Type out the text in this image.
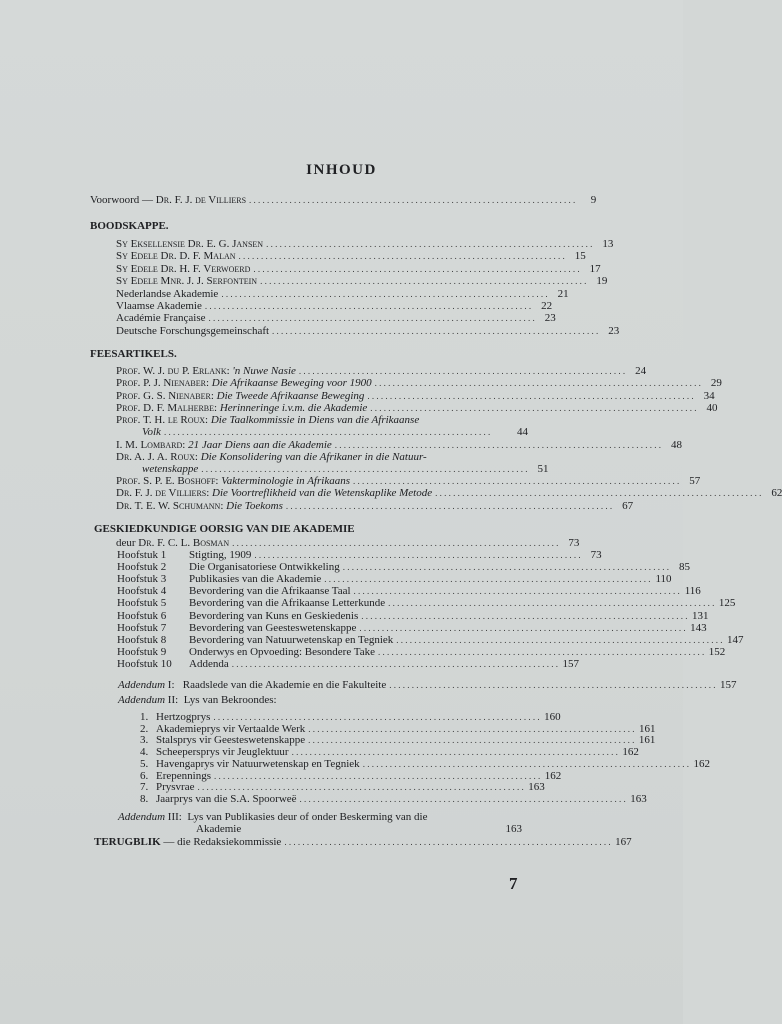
INHOUD
Voorwoord — Dr. F. J. de Villiers . . .	9
BOODSKAPPE.
Sy Eksellensie Dr. E. G. Jansen . . .	13
Sy Edele Dr. D. F. Malan . . .	15
Sy Edele Dr. H. F. Verwoerd . . .	17
Sy Edele Mnr. J. J. Serfontein . . .	19
Nederlandse Akademie . . .	21
Vlaamse Akademie . . .	22
Académie Française . . .	23
Deutsche Forschungsgemeinschaft . . .	23
FEESARTIKELS.
Prof. W. J. du P. Erlank: 'n Nuwe Nasie . . .	24
Prof. P. J. Nienaber: Die Afrikaanse Beweging voor 1900 . . .	29
Prof. G. S. Nienaber: Die Tweede Afrikaanse Beweging . . .	34
Prof. D. F. Malherbe: Herinneringe i.v.m. die Akademie . . .	40
Prof. T. H. le Roux: Die Taalkommissie in Diens van die Afrikaanse
Volk . . .	44
I. M. Lombard: 21 Jaar Diens aan die Akademie . . .	48
Dr. A. J. A. Roux: Die Konsolidering van die Afrikaner in die Natuur-
wetenskappe . . .	51
Prof. S. P. E. Boshoff: Vakterminologie in Afrikaans . . .	57
Dr. F. J. de Villiers: Die Voortreflikheid van die Wetenskaplike Metode . . .	62
Dr. T. E. W. Schumann: Die Toekoms . . .	67
GESKIEDKUNDIGE OORSIG VAN DIE AKADEMIE
deur Dr. F. C. L. Bosman . . .	73
Hoofstuk 1 Stigting, 1909 . . .	73
Hoofstuk 2 Die Organisatoriese Ontwikkeling . . .	85
Hoofstuk 3 Publikasies van die Akademie . . .	110
Hoofstuk 4 Bevordering van die Afrikaanse Taal . . .	116
Hoofstuk 5 Bevordering van die Afrikaanse Letterkunde . . .	125
Hoofstuk 6 Bevordering van Kuns en Geskiedenis . . .	131
Hoofstuk 7 Bevordering van Geesteswetenskappe . . .	143
Hoofstuk 8 Bevordering van Natuurwetenskap en Tegniek . . .	147
Hoofstuk 9 Onderwys en Opvoeding: Besondere Take . . .	152
Hoofstuk 10 Addenda . . .	157
Addendum I: Raadslede van die Akademie en die Fakulteite . . .	157
Addendum II: Lys van Bekroondes:
1. Hertzogprys . . .	160
2. Akademieprys vir Vertaalde Werk . . .	161
3. Stalsprys vir Geesteswetenskappe . . .	161
4. Scheepersprys vir Jeuglektuur . . .	162
5. Havengaprys vir Natuurwetenskap en Tegniek . . .	162
6. Erepennings . . .	162
7. Prysvrae . . .	163
8. Jaarprys van die S.A. Spoorweë . . .	163
Addendum III: Lys van Publikasies deur of onder Beskerming van die
Akademie	163
TERUGBLIK — die Redaksiekommissie . . .	167
7
